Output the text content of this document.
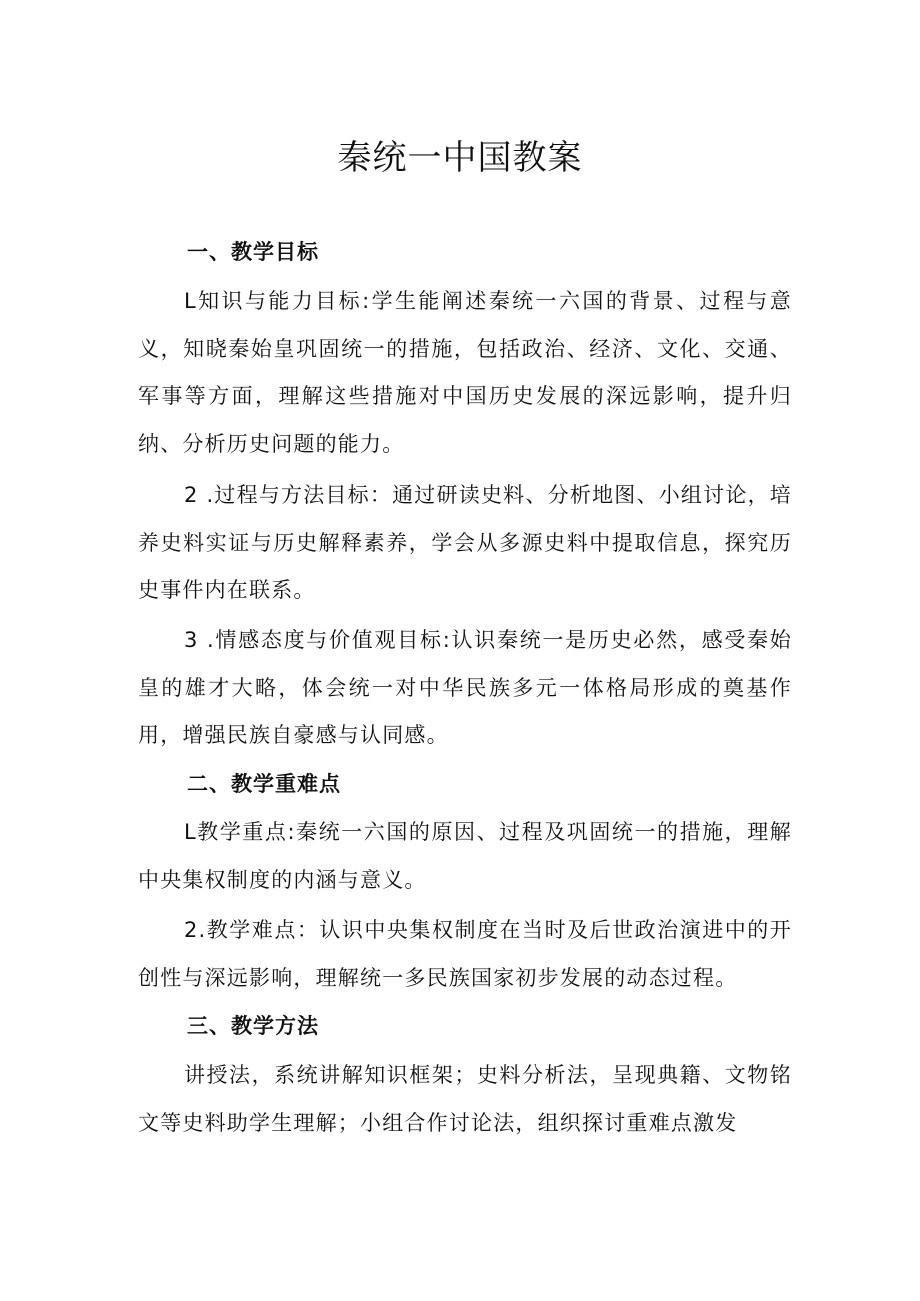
秦统一中国教案
一、教学目标

L知识与能力目标:学生能阐述秦统一六国的背景、过程与意义，知晓秦始皇巩固统一的措施，包括政治、经济、文化、交通、军事等方面，理解这些措施对中国历史发展的深远影响，提升归纳、分析历史问题的能力。

2 .过程与方法目标：通过研读史料、分析地图、小组讨论，培养史料实证与历史解释素养，学会从多源史料中提取信息，探究历史事件内在联系。

3 .情感态度与价值观目标:认识秦统一是历史必然，感受秦始皇的雄才大略，体会统一对中华民族多元一体格局形成的奠基作用，增强民族自豪感与认同感。

二、教学重难点

L教学重点:秦统一六国的原因、过程及巩固统一的措施，理解中央集权制度的内涵与意义。

2.教学难点：认识中央集权制度在当时及后世政治演进中的开创性与深远影响，理解统一多民族国家初步发展的动态过程。

三、教学方法

讲授法，系统讲解知识框架；史料分析法，呈现典籍、文物铭文等史料助学生理解；小组合作讨论法，组织探讨重难点激发
